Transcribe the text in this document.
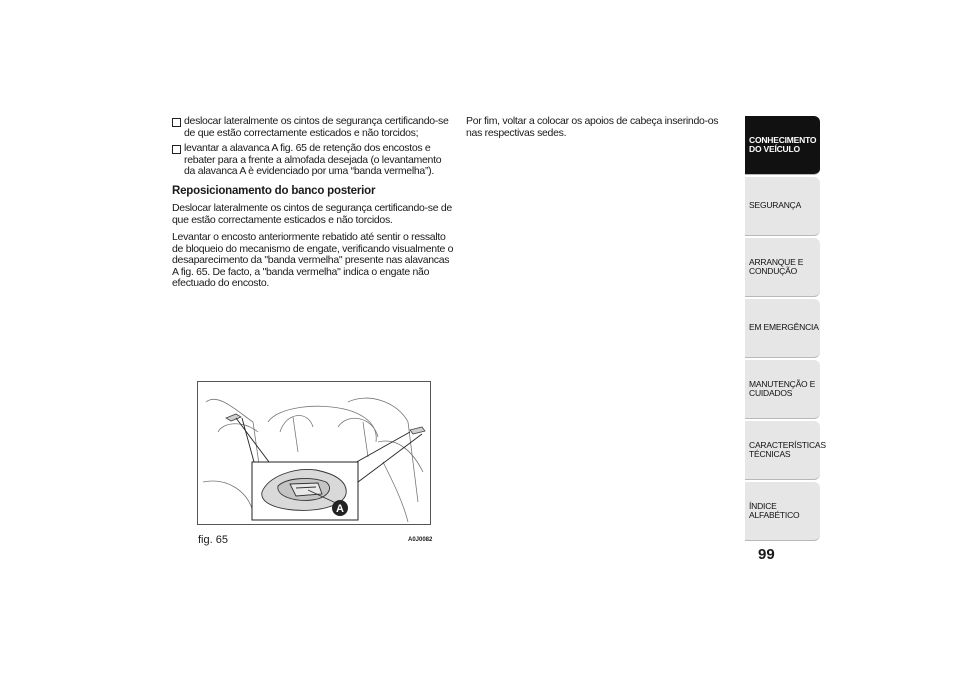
deslocar lateralmente os cintos de segurança certificando-se de que estão correctamente esticados e não torcidos;
levantar a alavanca A fig. 65 de retenção dos encostos e rebater para a frente a almofada desejada (o levantamento da alavanca A è evidenciado por uma “banda vermelha”).
Reposicionamento do banco posterior

Deslocar lateralmente os cintos de segurança certificando-se de que estão correctamente esticados e não torcidos.

Levantar o encosto anteriormente rebatido até sentir o ressalto de bloqueio do mecanismo de engate, verificando visualmente o desaparecimento da "banda vermelha" presente nas alavancas A fig. 65. De facto, a "banda vermelha" indica o engate não efectuado do encosto.

Por fim, voltar a colocar os apoios de cabeça inserindo-os nas respectivas sedes.

A
fig. 65	A0J0082
CONHECIMENTO DO VEÍCULO
SEGURANÇA
ARRANQUE E CONDUÇÃO
EM EMERGÊNCIA
MANUTENÇÃO E CUIDADOS
CARACTERÍSTICAS TÉCNICAS
ÍNDICE ALFABÉTICO
99
